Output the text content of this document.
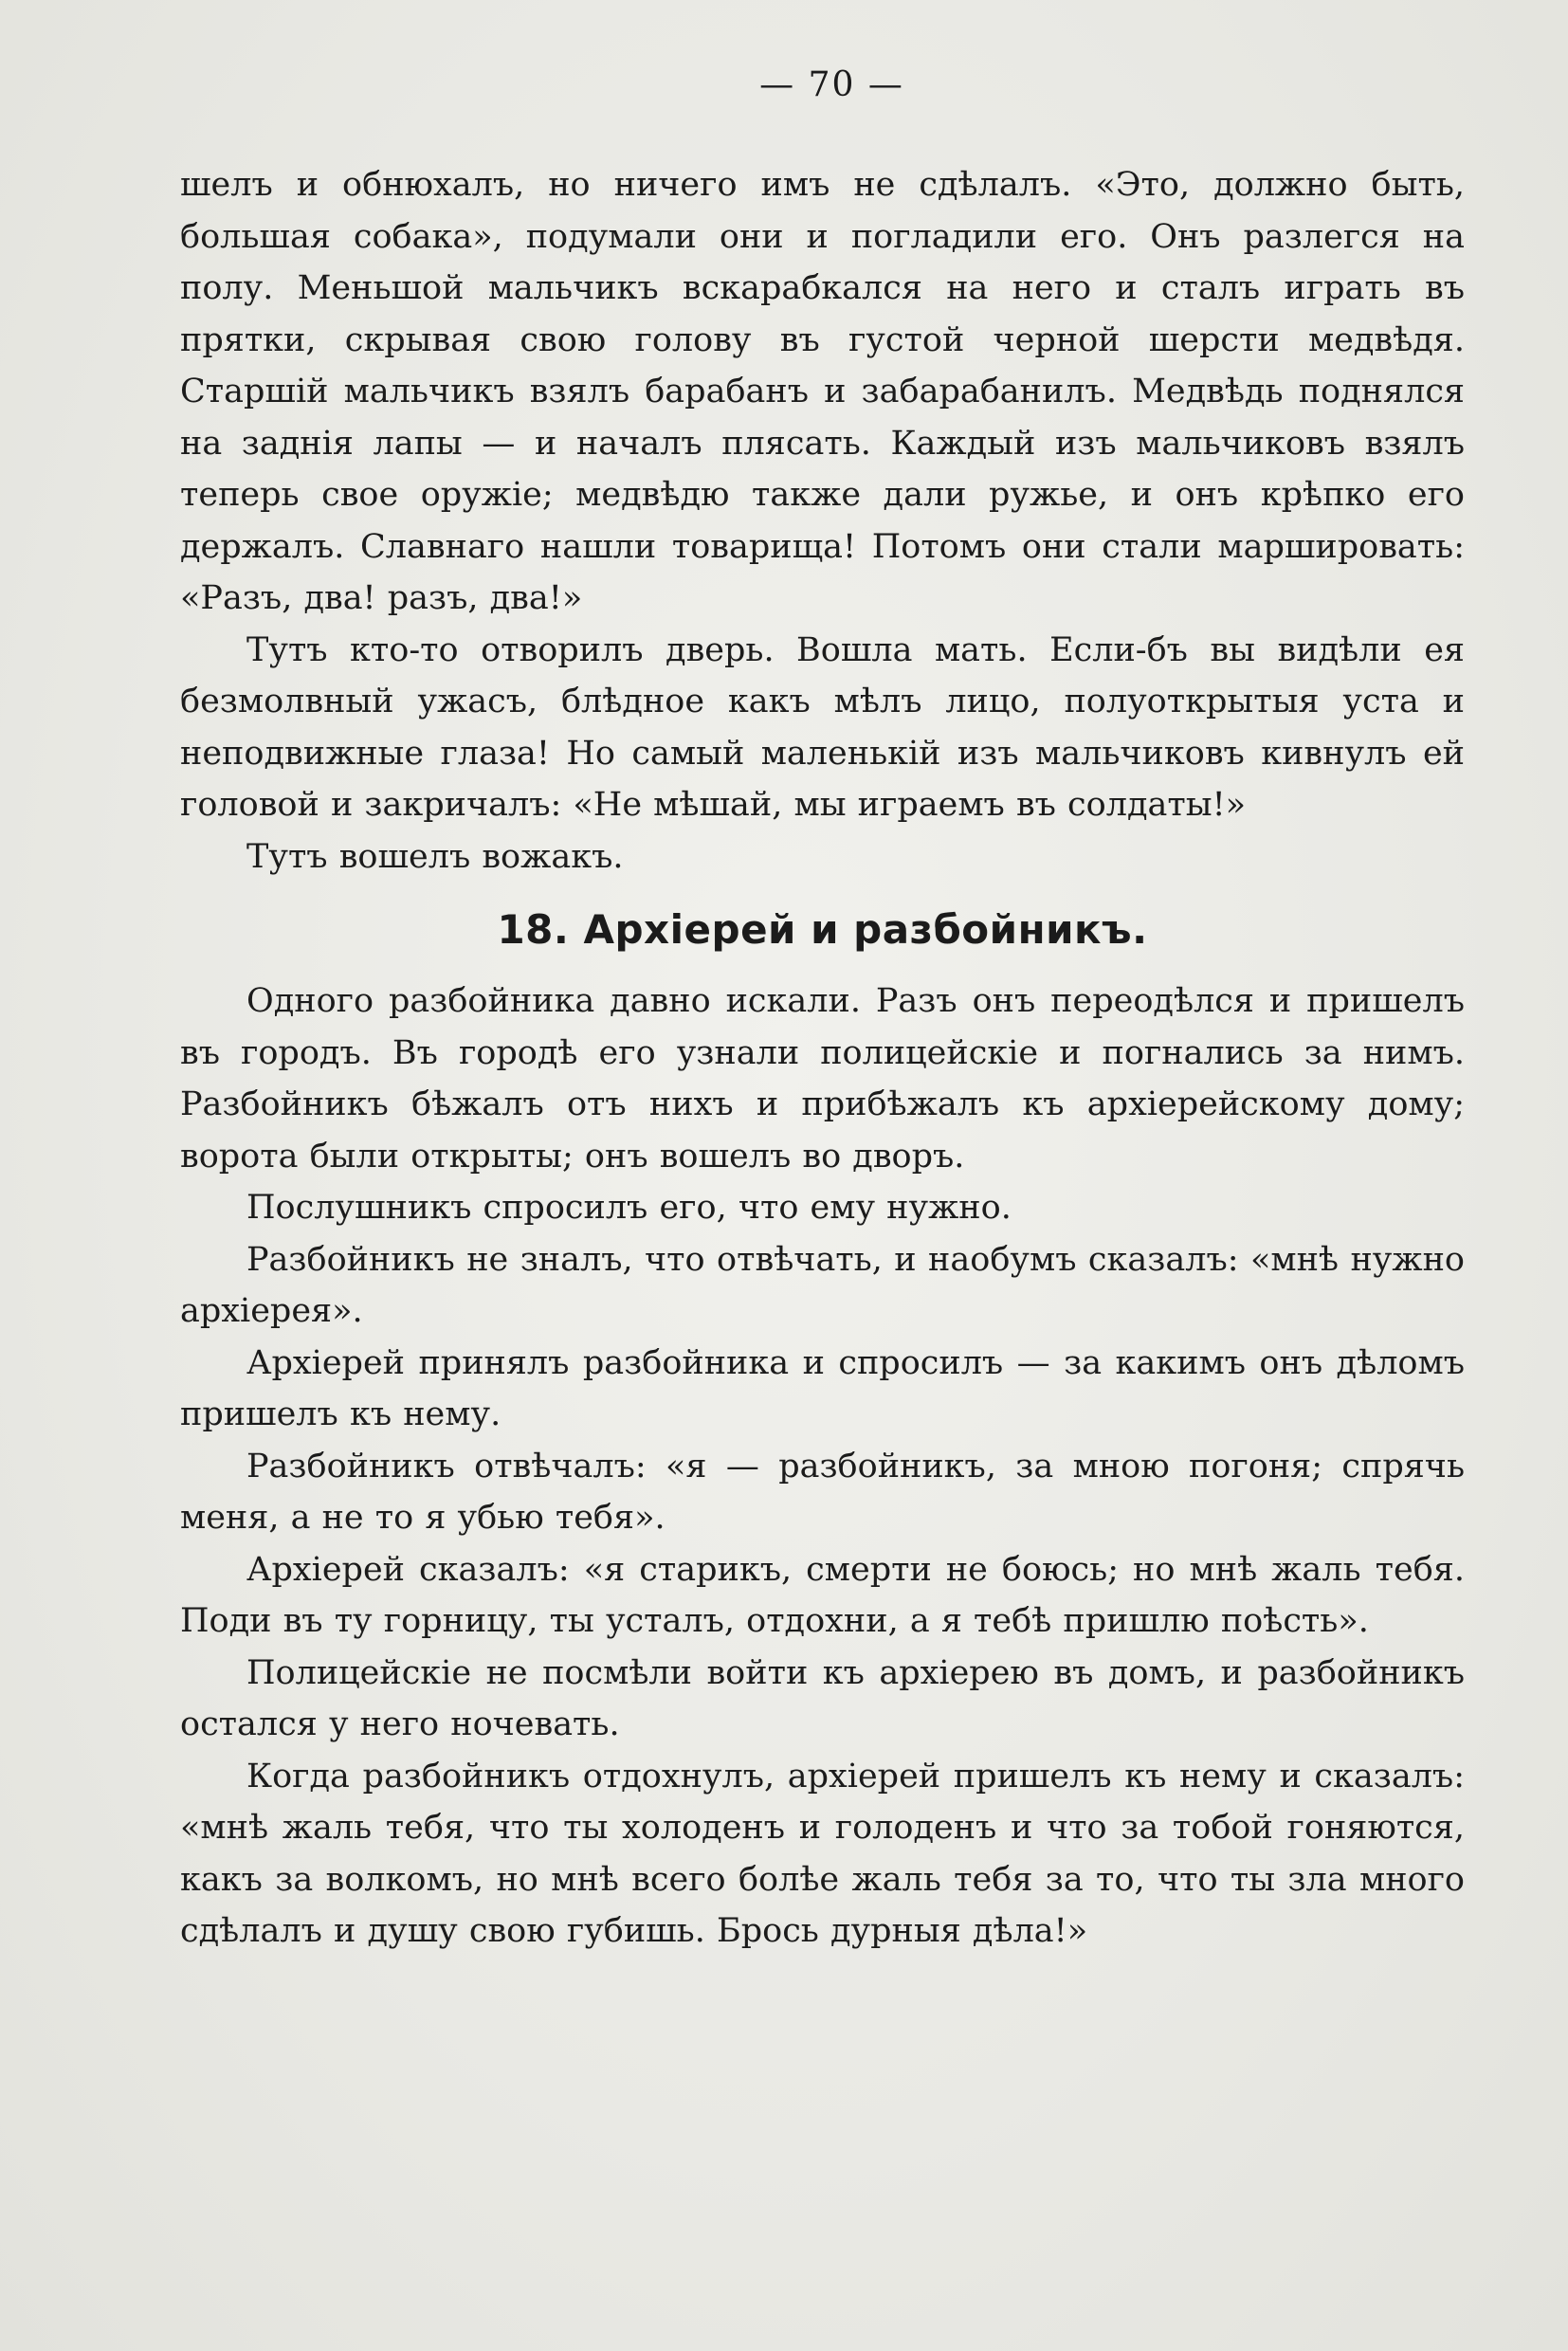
— 70 —

шелъ и обнюхалъ, но ничего имъ не сдѣлалъ. «Это, должно быть, большая собака», подумали они и погладили его. Онъ разлегся на полу. Меньшой мальчикъ вскарабкался на него и сталъ играть въ прятки, скрывая свою голову въ густой черной шерсти медвѣдя. Старшій мальчикъ взялъ барабанъ и забарабанилъ. Медвѣдь поднялся на заднія лапы — и началъ плясать. Каждый изъ мальчиковъ взялъ теперь свое оружіе; медвѣдю также дали ружье, и онъ крѣпко его держалъ. Славнаго нашли товарища! Потомъ они стали маршировать: «Разъ, два! разъ, два!»

Тутъ кто-то отворилъ дверь. Вошла мать. Если-бъ вы видѣли ея безмолвный ужасъ, блѣдное какъ мѣлъ лицо, полуоткрытыя уста и неподвижные глаза! Но самый маленькій изъ мальчиковъ кивнулъ ей головой и закричалъ: «Не мѣшай, мы играемъ въ солдаты!»

Тутъ вошелъ вожакъ.

18. Архіерей и разбойникъ.

Одного разбойника давно искали. Разъ онъ переодѣлся и пришелъ въ городъ. Въ городѣ его узнали полицейскіе и погнались за нимъ. Разбойникъ бѣжалъ отъ нихъ и прибѣжалъ къ архіерейскому дому; ворота были открыты; онъ вошелъ во дворъ.

Послушникъ спросилъ его, что ему нужно.

Разбойникъ не зналъ, что отвѣчать, и наобумъ сказалъ: «мнѣ нужно архіерея».

Архіерей принялъ разбойника и спросилъ — за какимъ онъ дѣломъ пришелъ къ нему.

Разбойникъ отвѣчалъ: «я — разбойникъ, за мною погоня; спрячь меня, а не то я убью тебя».

Архіерей сказалъ: «я старикъ, смерти не боюсь; но мнѣ жаль тебя. Поди въ ту горницу, ты усталъ, отдохни, а я тебѣ пришлю поѣсть».

Полицейскіе не посмѣли войти къ архіерею въ домъ, и разбойникъ остался у него ночевать.

Когда разбойникъ отдохнулъ, архіерей пришелъ къ нему и сказалъ: «мнѣ жаль тебя, что ты холоденъ и голоденъ и что за тобой гоняются, какъ за волкомъ, но мнѣ всего болѣе жаль тебя за то, что ты зла много сдѣлалъ и душу свою губишь. Брось дурныя дѣла!»
